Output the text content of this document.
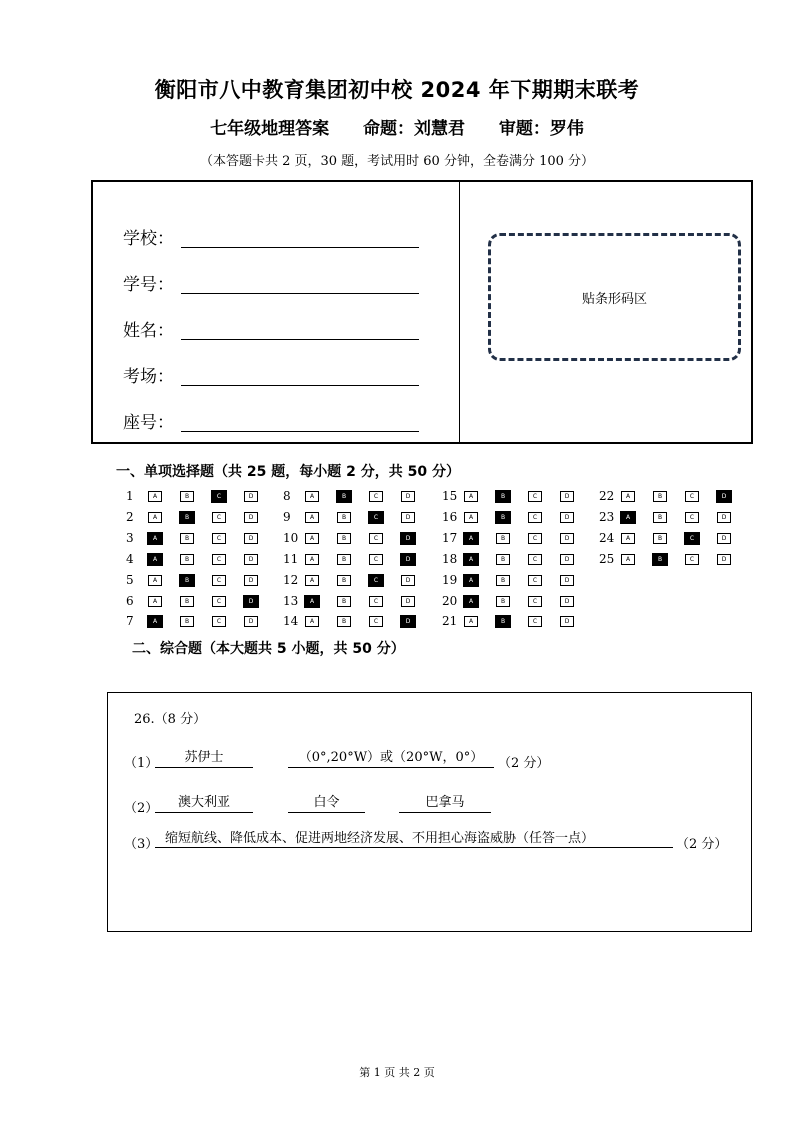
衡阳市八中教育集团初中校 2024 年下期期末联考
七年级地理答案 命题：刘慧君 审题：罗伟
（本答题卡共 2 页，30 题，考试用时 60 分钟，全卷满分 100 分）
学校：
学号：
姓名：
考场：
座号：
贴条形码区
一、单项选择题（共 25 题，每小题 2 分，共 50 分）
1	A	B	C	D
2	A	B	C	D
3	A	B	C	D
4	A	B	C	D
5	A	B	C	D
6	A	B	C	D
7	A	B	C	D
8	A	B	C	D
9	A	B	C	D
10	A	B	C	D
11	A	B	C	D
12	A	B	C	D
13	A	B	C	D
14	A	B	C	D
15	A	B	C	D
16	A	B	C	D
17	A	B	C	D
18	A	B	C	D
19	A	B	C	D
20	A	B	C	D
21	A	B	C	D
22	A	B	C	D
23	A	B	C	D
24	A	B	C	D
25	A	B	C	D
二、综合题（本大题共 5 小题，共 50 分）
26.（8 分）
（1）	苏伊士	（0°,20°W）或（20°W，0°）	（2 分）
（2）	澳大利亚	白令	巴拿马
（3） 缩短航线、降低成本、促进两地经济发展、不用担心海盗威胁（任答一点）	（2 分）
第 1 页 共 2 页
